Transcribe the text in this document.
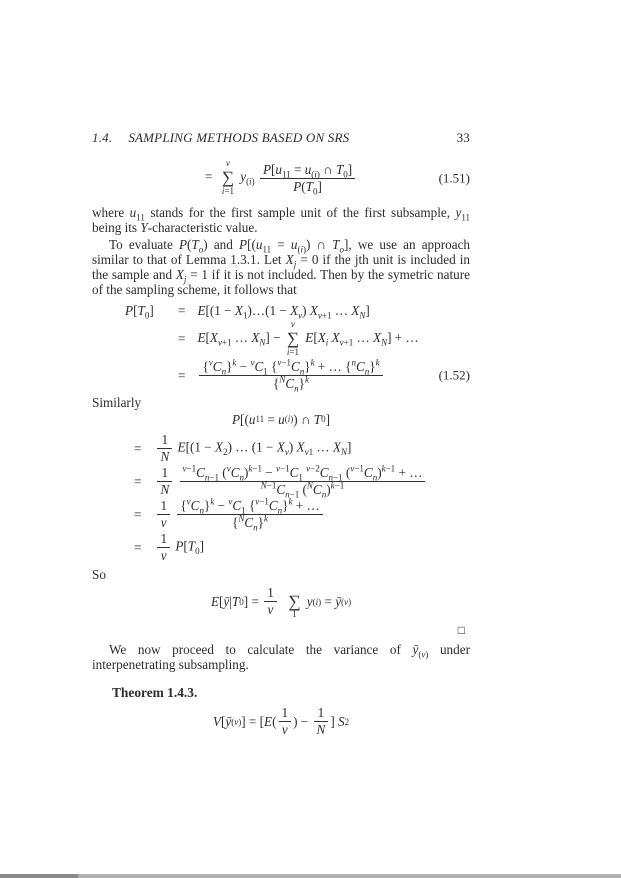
1.4. SAMPLING METHODS BASED ON SRS	33
=
ν
∑
i=1
$y_{(i)} \frac{P[u_{11} = u_{(i)} \cap T_0]}{P(T_0]}$	(1.51)
where $u_{11}$ stands for the first sample unit of the first subsample, $y_{11}$ being its Y-characteristic value.
To evaluate $P(T_o)$ and $P[(u_{11} = u_{(i)})$ ∩ $T_o$], we use an approach similar to that of Lemma 1.3.1. Let $X_j = 0$ if the jth unit is included in the sample and $X_j = 1$ if it is not included. Then by the symetric nature of the sampling scheme, it follows that
$P[T_0]$	= $E[(1 - X_1)\dots(1 - X_\nu)$ $X_{\nu+1}$ … $X_N$]
= $E[X_{\nu+1}$ … $X_N$] −
ν
∑
i=1
$E[X_i$ $X_{\nu+1}$ … $X_N$] + …
=
$\{^\nu C_n\}^k - ^\nu C_1$ $\{^{\nu-1}C_n\}^k$ + … $\{^nC_n\}^k$
$\{^NC_n\}^k$	(1.52)
Similarly
P [( u 11 = u (i) ) ∩ T 0 ]
= $\frac{1}{N} E[(1 - X_2)$ … $(1 - X_\nu)$ $X_{\nu 1}$ … $X_N$]
= $\frac{1}{N}$
	$^{\nu-1}C_{n-1}$ $(^\nu C_n)^{k-1} - ^{\nu-1}C_1$ $^{\nu-2}C_{n-1}$ $(^{\nu-1}C_n)^{k-1}$ + …
$^{N-1}C_{n-1}$ $(^NC_n)^{k-1}$
= $\frac{1}{\nu}$
$\{^\nu C_n\}^k - ^\nu C_1$ $\{^{\nu-1}C_n\}^k$ + …
$\{^NC_n\}^k$
= $\frac{1}{\nu} P[T_0]$
So
E [ ȳ | T 0 ] =
1
ν
∑
1

y (i) = ȳ (ν)
□
We now proceed to calculate the variance of $ȳ_{(\nu)}$ under interpenetrating subsampling.
Theorem 1.4.3.
V [ ȳ (ν) ] = [ E (
1
ν
) −
1
N
] S 2
